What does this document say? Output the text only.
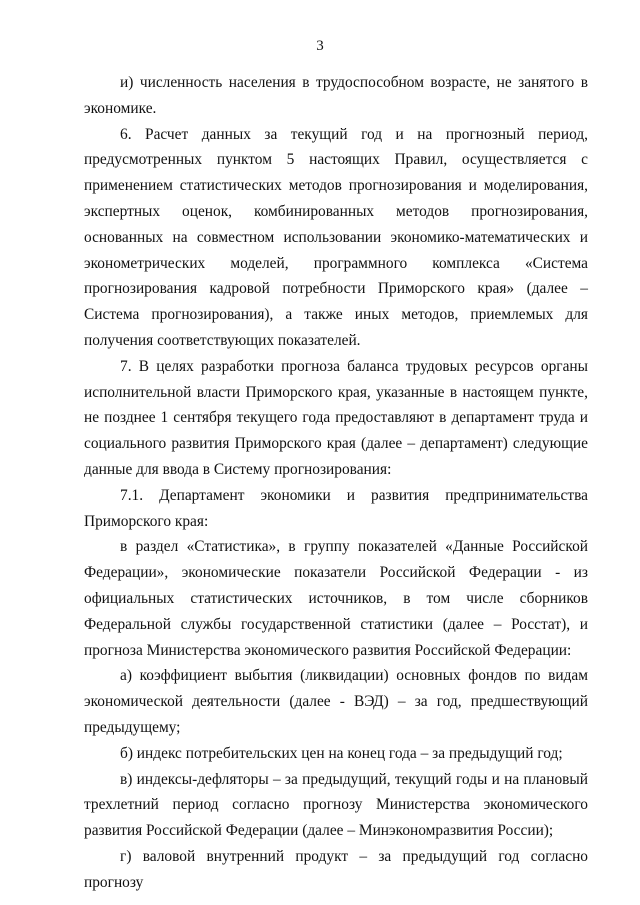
3

и) численность населения в трудоспособном возрасте, не занятого в экономике.

6. Расчет данных за текущий год и на прогнозный период, предусмотренных пунктом 5 настоящих Правил, осуществляется с применением статистических методов прогнозирования и моделирования, экспертных оценок, комбинированных методов прогнозирования, основанных на совместном использовании экономико-математических и эконометрических моделей, программного комплекса «Система прогнозирования кадровой потребности Приморского края» (далее – Система прогнозирования), а также иных методов, приемлемых для получения соответствующих показателей.

7. В целях разработки прогноза баланса трудовых ресурсов органы исполнительной власти Приморского края, указанные в настоящем пункте, не позднее 1 сентября текущего года предоставляют в департамент труда и социального развития Приморского края (далее – департамент) следующие данные для ввода в Систему прогнозирования:

7.1. Департамент экономики и развития предпринимательства Приморского края:

в раздел «Статистика», в группу показателей «Данные Российской Федерации», экономические показатели Российской Федерации - из официальных статистических источников, в том числе сборников Федеральной службы государственной статистики (далее – Росстат), и прогноза Министерства экономического развития Российской Федерации:

а) коэффициент выбытия (ликвидации) основных фондов по видам экономической деятельности (далее - ВЭД) – за год, предшествующий предыдущему;

б) индекс потребительских цен на конец года – за предыдущий год;

в) индексы-дефляторы – за предыдущий, текущий годы и на плановый трехлетний период согласно прогнозу Министерства экономического развития Российской Федерации (далее – Минэкономразвития России);

г) валовой внутренний продукт – за предыдущий год согласно прогнозу
